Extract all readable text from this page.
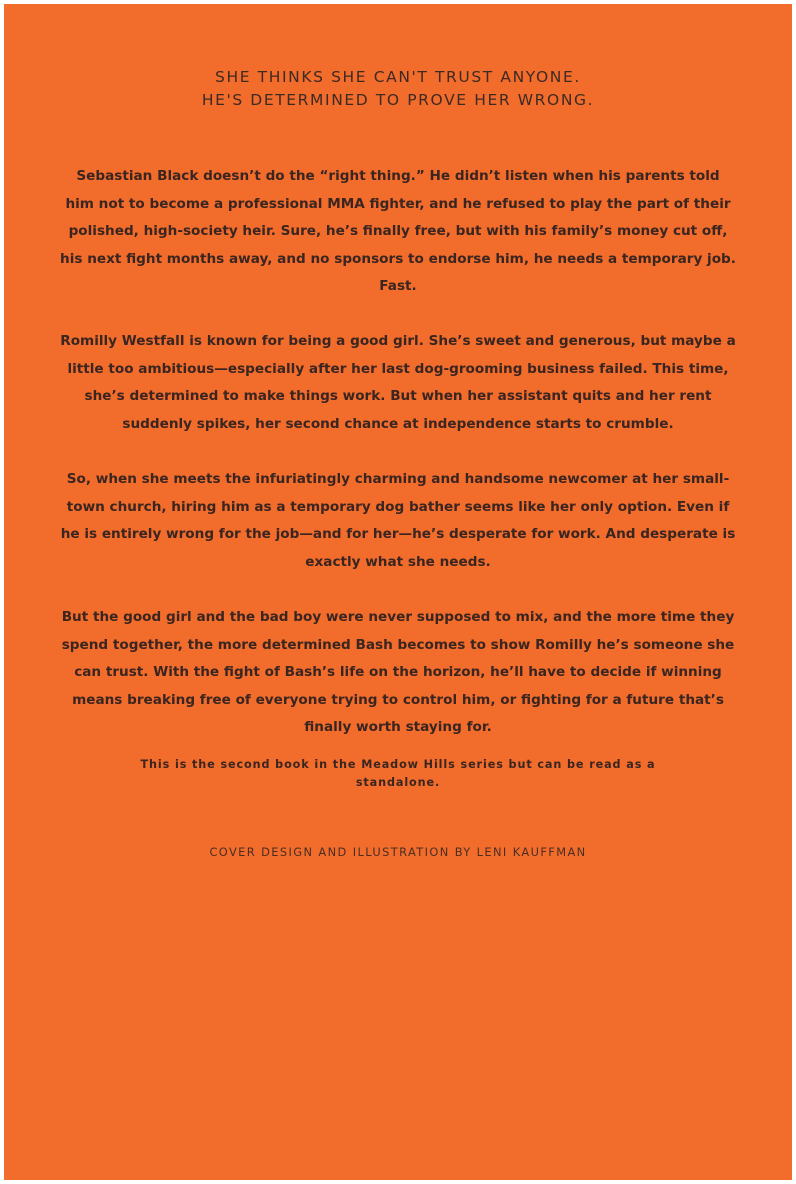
SHE THINKS SHE CAN'T TRUST ANYONE.
HE'S DETERMINED TO PROVE HER WRONG.
Sebastian Black doesn’t do the “right thing.” He didn’t listen when his parents told him not to become a professional MMA fighter, and he refused to play the part of their polished, high-society heir. Sure, he’s finally free, but with his family’s money cut off, his next fight months away, and no sponsors to endorse him, he needs a temporary job. Fast.
Romilly Westfall is known for being a good girl. She’s sweet and generous, but maybe a little too ambitious—especially after her last dog-grooming business failed. This time, she’s determined to make things work. But when her assistant quits and her rent suddenly spikes, her second chance at independence starts to crumble.
So, when she meets the infuriatingly charming and handsome newcomer at her small-town church, hiring him as a temporary dog bather seems like her only option. Even if he is entirely wrong for the job—and for her—he’s desperate for work. And desperate is exactly what she needs.
But the good girl and the bad boy were never supposed to mix, and the more time they spend together, the more determined Bash becomes to show Romilly he’s someone she can trust. With the fight of Bash’s life on the horizon, he’ll have to decide if winning means breaking free of everyone trying to control him, or fighting for a future that’s finally worth staying for.
This is the second book in the Meadow Hills series but can be read as a standalone.
COVER DESIGN AND ILLUSTRATION BY LENI KAUFFMAN
